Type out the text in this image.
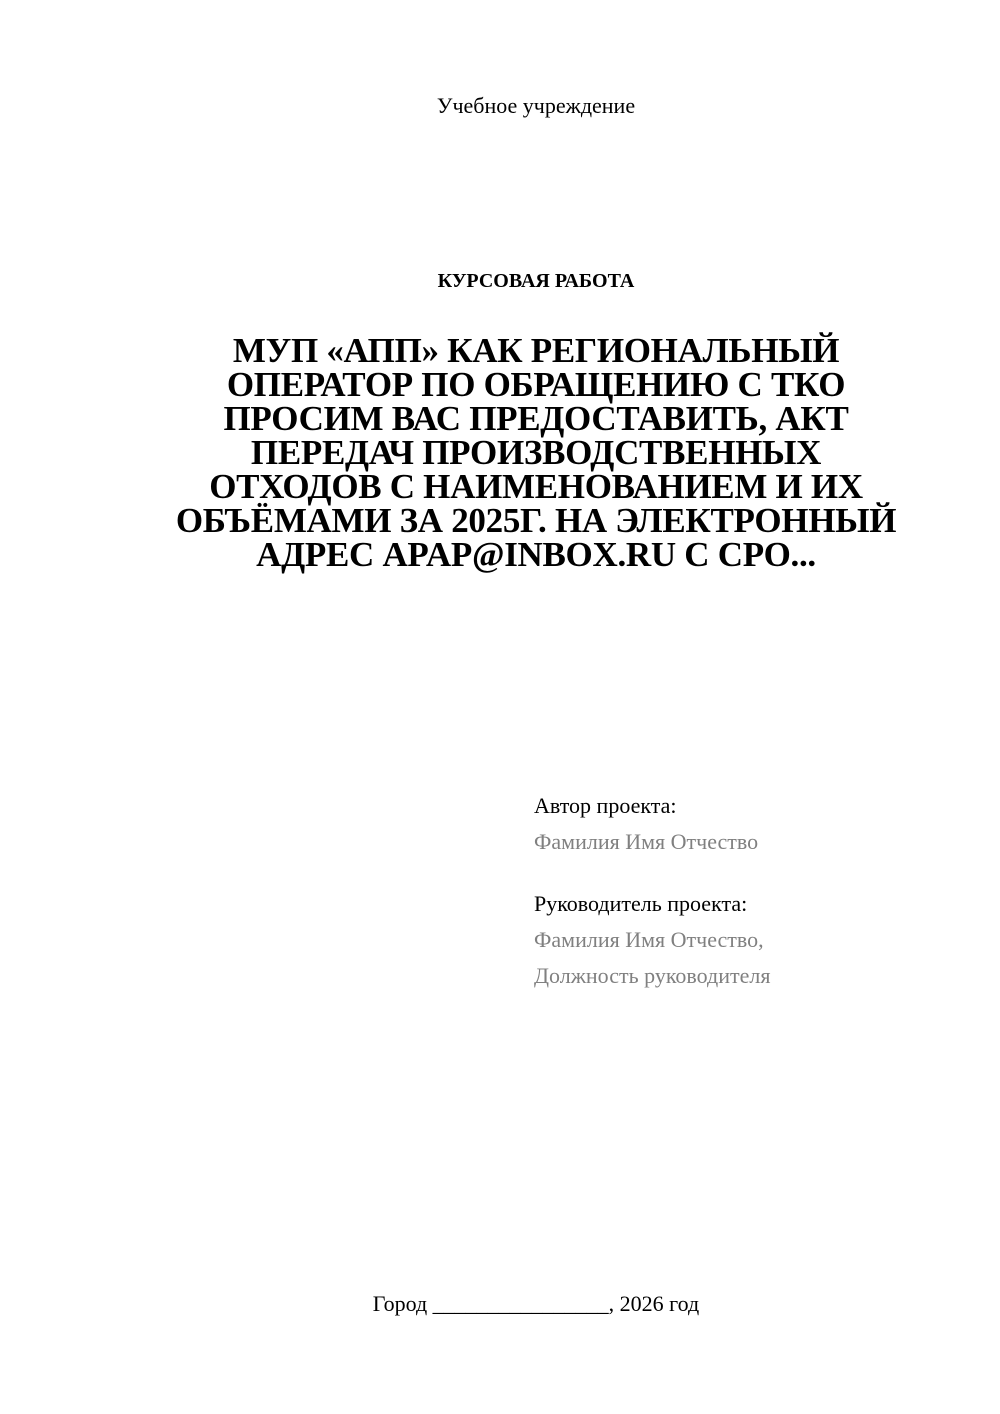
Учебное учреждение
КУРСОВАЯ РАБОТА
МУП «АПП» КАК РЕГИОНАЛЬНЫЙ ОПЕРАТОР ПО ОБРАЩЕНИЮ С ТКО ПРОСИМ ВАС ПРЕДОСТАВИТЬ, АКТ ПЕРЕДАЧ ПРОИЗВОДСТВЕННЫХ ОТХОДОВ С НАИМЕНОВАНИЕМ И ИХ ОБЪЁМАМИ ЗА 2025Г. НА ЭЛЕКТРОННЫЙ АДРЕС APAP@INBOX.RU С СРО...
Автор проекта:
Фамилия Имя Отчество
Руководитель проекта:
Фамилия Имя Отчество,
Должность руководителя
Город ________________, 2026 год
